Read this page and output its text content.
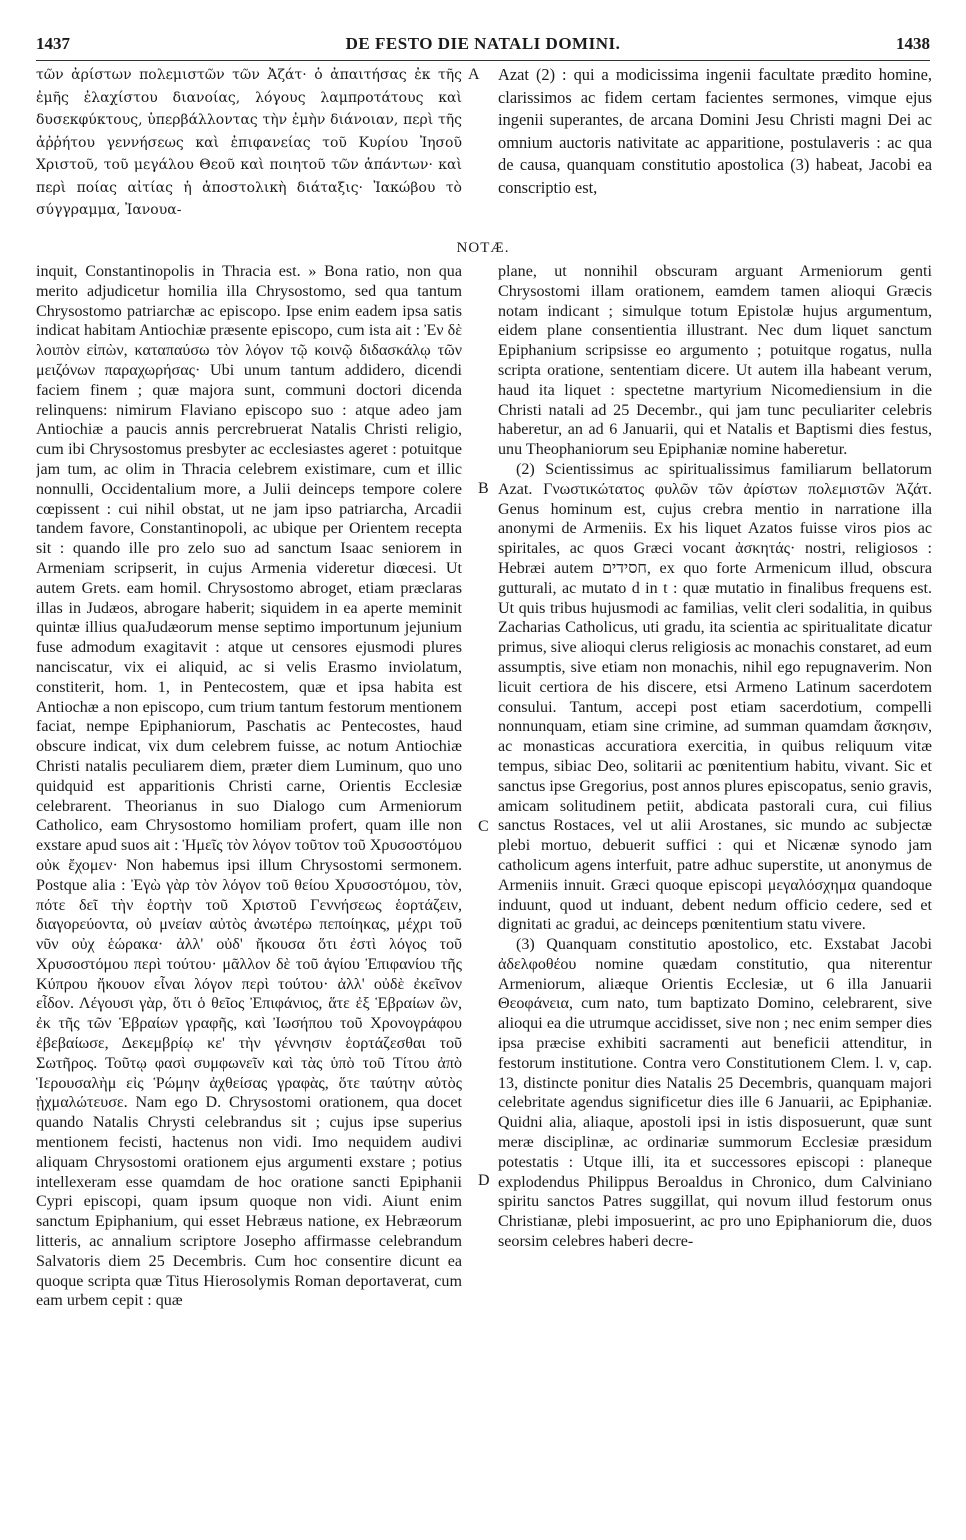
1437	DE FESTO DIE NATALI DOMINI.	1438
τῶν ἀρίστων πολεμιστῶν τῶν Ἀζάτ· ὁ ἀπαιτήσας ἐκ τῆς ἐμῆς ἐλαχίστου διανοίας, λόγους λαμπροτάτους καὶ δυσεκφύκτους, ὑπερβάλλοντας τὴν ἐμὴν διάνοιαν, περὶ τῆς ἀῤῥήτου γεννήσεως καὶ ἐπιφανείας τοῦ Κυρίου Ἰησοῦ Χριστοῦ, τοῦ μεγάλου Θεοῦ καὶ ποιητοῦ τῶν ἁπάντων· καὶ περὶ ποίας αἰτίας ἡ ἀποστολικὴ διάταξις· Ἰακώβου τὸ σύγγραμμα, Ἰανουα-
A Azat (2) : qui a modicissima ingenii facultate prædito homine, clarissimos ac fidem certam facientes sermones, vimque ejus ingenii superantes, de arcana Domini Jesu Christi magni Dei ac omnium auctoris nativitate ac apparitione, postulaveris : ac qua de causa, quanquam constitutio apostolica (3) habeat, Jacobi ea conscriptio est,
NOTÆ.

inquit, Constantinopolis in Thracia est. » Bona ratio, non qua merito adjudicetur homilia illa Chrysostomo, sed qua tantum Chrysostomo patriarchæ ac episcopo. Ipse enim eadem ipsa satis indicat habitam Antiochiæ præsente episcopo, cum ista ait : Ἐν δὲ λοιπὸν εἰπὼν, καταπαύσω τὸν λόγον τῷ κοινῷ διδασκάλῳ τῶν μειζόνων παραχωρήσας· Ubi unum tantum addidero, dicendi faciem finem ; quæ majora sunt, communi doctori dicenda relinquens: nimirum Flaviano episcopo suo : atque adeo jam Antiochiæ a paucis annis percrebruerat Natalis Christi religio, cum ibi Chrysostomus presbyter ac ecclesiastes ageret : potuitque jam tum, ac olim in Thracia celebrem existimare, cum et illic nonnulli, Occidentalium more, a Julii deinceps tempore colere cœpissent : cui nihil obstat, ut ne jam ipso patriarcha, Arcadii tandem favore, Constantinopoli, ac ubique per Orientem recepta sit : quando ille pro zelo suo ad sanctum Isaac seniorem in Armeniam scripserit, in cujus Armenia videretur diœcesi. Ut autem Grets. eam homil. Chrysostomo abroget, etiam præclaras illas in Judæos, abrogare haberit; siquidem in ea aperte meminit quintæ illius quaJudæorum mense septimo importunum jejunium fuse admodum exagitavit : atque ut censores ejusmodi plures nanciscatur, vix ei aliquid, ac si velis Erasmo inviolatum, constiterit, hom. 1, in Pentecostem, quæ et ipsa habita est Antiochæ a non episcopo, cum trium tantum festorum mentionem faciat, nempe Epiphaniorum, Paschatis ac Pentecostes, haud obscure indicat, vix dum celebrem fuisse, ac notum Antiochiæ Christi natalis peculiarem diem, præter diem Luminum, quo uno quidquid est apparitionis Christi carne, Orientis Ecclesiæ celebrarent. Theorianus in suo Dialogo cum Armeniorum Catholico, eam Chrysostomo homiliam profert, quam ille non exstare apud suos ait : Ἡμεῖς τὸν λόγον τοῦτον τοῦ Χρυσοστόμου οὐκ ἔχομεν· Non habemus ipsi illum Chrysostomi sermonem. Postque alia : Ἐγὼ γὰρ τὸν λόγον τοῦ θείου Χρυσοστόμου, τὸν, πότε δεῖ τὴν ἑορτὴν τοῦ Χριστοῦ Γεννήσεως ἑορτάζειν, διαγορεύοντα, οὐ μνείαν αὐτὸς ἀνωτέρω πεποίηκας, μέχρι τοῦ νῦν οὐχ ἑώρακα· ἀλλ' οὐδ' ἤκουσα ὅτι ἐστὶ λόγος τοῦ Χρυσοστόμου περὶ τούτου· μᾶλλον δὲ τοῦ ἁγίου Ἐπιφανίου τῆς Κύπρου ἤκουον εἶναι λόγον περὶ τούτου· ἀλλ' οὐδὲ ἐκεῖνον εἶδον. Λέγουσι γὰρ, ὅτι ὁ θεῖος Ἐπιφάνιος, ἅτε ἐξ Ἑβραίων ὢν, ἐκ τῆς τῶν Ἑβραίων γραφῆς, καὶ Ἰωσήπου τοῦ Χρονογράφου ἐβεβαίωσε, Δεκεμβρίῳ κε' τὴν γέννησιν ἑορτάζεσθαι τοῦ Σωτῆρος. Τοῦτῳ φασὶ συμφωνεῖν καὶ τὰς ὑπὸ τοῦ Τίτου ἀπὸ Ἱερουσαλὴμ εἰς Ῥώμην ἀχθείσας γραφὰς, ὅτε ταύτην αὐτὸς ᾐχμαλώτευσε. Nam ego D. Chrysostomi orationem, qua docet quando Natalis Chrysti celebrandus sit ; cujus ipse superius mentionem fecisti, hactenus non vidi. Imo nequidem audivi aliquam Chrysostomi orationem ejus argumenti exstare ; potius intellexeram esse quamdam de hoc oratione sancti Epiphanii Cypri episcopi, quam ipsum quoque non vidi. Aiunt enim sanctum Epiphanium, qui esset Hebræus natione, ex Hebræorum litteris, ac annalium scriptore Josepho affirmasse celebrandum Salvatoris diem 25 Decembris. Cum hoc consentire dicunt ea quoque scripta quæ Titus Hierosolymis Roman deportaverat, cum eam urbem cepit : quæ

B
C
D

plane, ut nonnihil obscuram arguant Armeniorum genti Chrysostomi illam orationem, eamdem tamen alioqui Græcis notam indicant ; simulque totum Epistolæ hujus argumentum, eidem plane consentientia illustrant. Nec dum liquet sanctum Epiphanium scripsisse eo argumento ; potuitque rogatus, nulla scripta oratione, sententiam dicere. Ut autem illa habeant verum, haud ita liquet : spectetne martyrium Nicomediensium in die Christi natali ad 25 Decembr., qui jam tunc peculiariter celebris haberetur, an ad 6 Januarii, qui et Natalis et Baptismi dies festus, unu Theophaniorum seu Epiphaniæ nomine haberetur.

(2) Scientissimus ac spiritualissimus familiarum bellatorum Azat. Γνωστικώτατος φυλῶν τῶν ἀρίστων πολεμιστῶν Ἀζάτ. Genus hominum est, cujus crebra mentio in narratione illa anonymi de Armeniis. Ex his liquet Azatos fuisse viros pios ac spiritales, ac quos Græci vocant ἀσκητάς· nostri, religiosos : Hebræi autem חסידים, ex quo forte Armenicum illud, obscura gutturali, ac mutato d in t : quæ mutatio in finalibus frequens est. Ut quis tribus hujusmodi ac familias, velit cleri sodalitia, in quibus Zacharias Catholicus, uti gradu, ita scientia ac spiritualitate dicatur primus, sive alioqui clerus religiosis ac monachis constaret, ad eum assumptis, sive etiam non monachis, nihil ego repugnaverim. Non licuit certiora de his discere, etsi Armeno Latinum sacerdotem consului. Tantum, accepi post etiam sacerdotium, compelli nonnunquam, etiam sine crimine, ad summan quamdam ἄσκησιν, ac monasticas accuratiora exercitia, in quibus reliquum vitæ tempus, sibiac Deo, solitarii ac pœnitentium habitu, vivant. Sic et sanctus ipse Gregorius, post annos plures episcopatus, senio gravis, amicam solitudinem petiit, abdicata pastorali cura, cui filius sanctus Rostaces, vel ut alii Arostanes, sic mundo ac subjectæ plebi mortuo, debuerit suffici : qui et Nicænæ synodo jam catholicum agens interfuit, patre adhuc superstite, ut anonymus de Armeniis innuit. Græci quoque episcopi μεγαλόσχημα quandoque induunt, quod ut induant, debent nedum officio cedere, sed et dignitati ac gradui, ac deinceps pœnitentium statu vivere.

(3) Quanquam constitutio apostolico, etc. Exstabat Jacobi ἀδελφοθέου nomine quædam constitutio, qua niterentur Armeniorum, aliæque Orientis Ecclesiæ, ut 6 illa Januarii Θεοφάνεια, cum nato, tum baptizato Domino, celebrarent, sive alioqui ea die utrumque accidisset, sive non ; nec enim semper dies ipsa præcise exhibiti sacramenti aut beneficii attenditur, in festorum institutione. Contra vero Constitutionem Clem. l. v, cap. 13, distincte ponitur dies Natalis 25 Decembris, quanquam majori celebritate agendus significetur dies ille 6 Januarii, ac Epiphaniæ. Quidni alia, aliaque, apostoli ipsi in istis disposuerunt, quæ sunt meræ disciplinæ, ac ordinariæ summorum Ecclesiæ præsidum potestatis : Utque illi, ita et successores episcopi : planeque explodendus Philippus Beroaldus in Chronico, dum Calviniano spiritu sanctos Patres suggillat, qui novum illud festorum onus Christianæ, plebi imposuerint, ac pro uno Epiphaniorum die, duos seorsim celebres haberi decre-
